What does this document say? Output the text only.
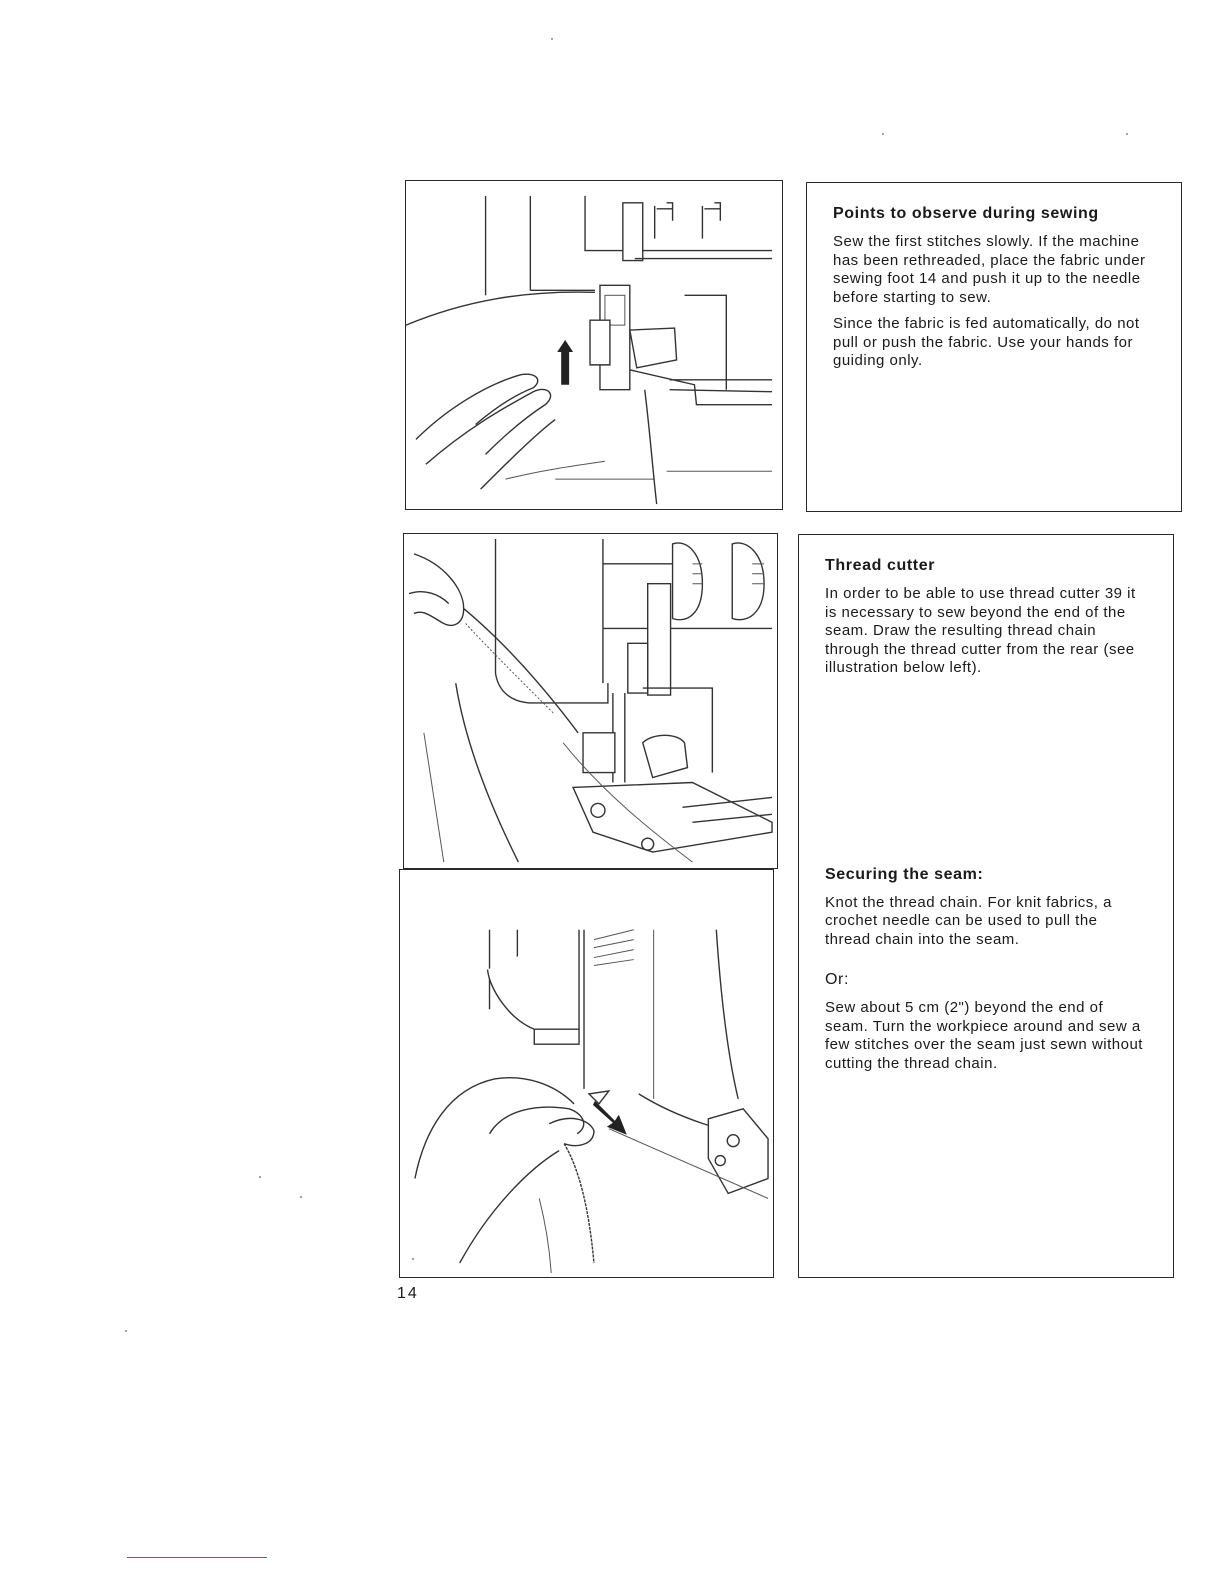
Points to observe during sewing

Sew the first stitches slowly. If the machine has been rethreaded, place the fabric under sewing foot 14 and push it up to the needle before starting to sew.

Since the fabric is fed automatically, do not pull or push the fabric. Use your hands for guiding only.

Thread cutter

In order to be able to use thread cutter 39 it is necessary to sew beyond the end of the seam. Draw the resulting thread chain through the thread cutter from the rear (see illustration below left).

Securing the seam:

Knot the thread chain. For knit fabrics, a crochet needle can be used to pull the thread chain into the seam.

Or:

Sew about 5 cm (2") beyond the end of seam. Turn the workpiece around and sew a few stitches over the seam just sewn without cutting the thread chain.

14
